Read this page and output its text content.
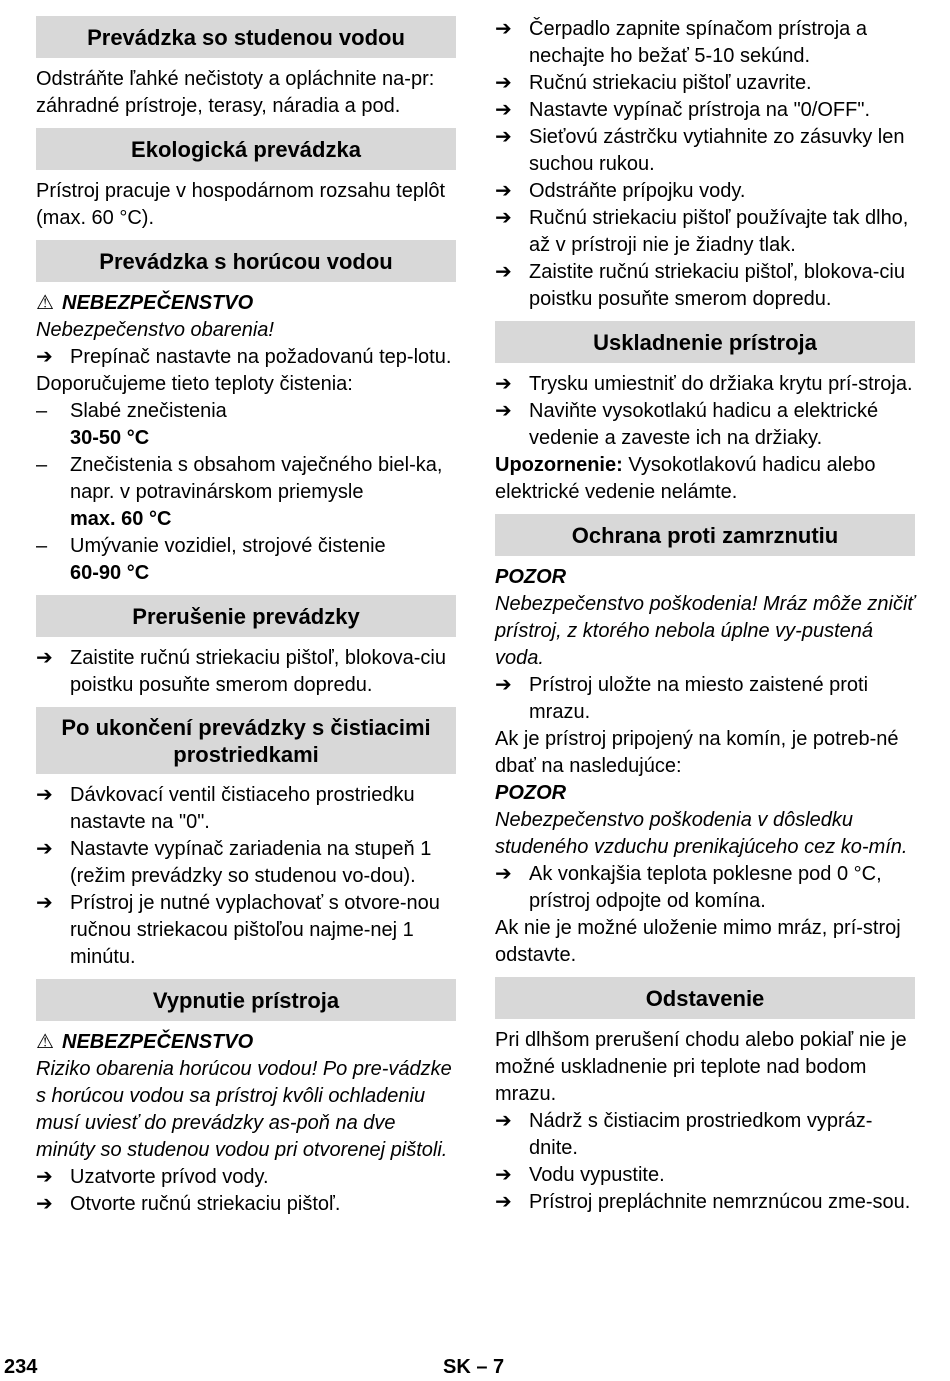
Prevádzka so studenou vodou
Odstráňte ľahké nečistoty a opláchnite na-pr: záhradné prístroje, terasy, náradia a pod.
Ekologická prevádzka
Prístroj pracuje v hospodárnom rozsahu teplôt (max. 60 °C).
Prevádzka s horúcou vodou
⚠ NEBEZPEČENSTVO
Nebezpečenstvo obarenia!
➔ Prepínač nastavte na požadovanú tep-lotu.
Doporučujeme tieto teploty čistenia:
– Slabé znečistenia
30-50 °C
– Znečistenia s obsahom vaječného biel-ka, napr. v potravinárskom priemysle
max. 60 °C
– Umývanie vozidiel, strojové čistenie
60-90 °C
Prerušenie prevádzky
➔ Zaistite ručnú striekaciu pištoľ, blokova-ciu poistku posuňte smerom dopredu.
Po ukončení prevádzky s čistiacimi prostriedkami
➔ Dávkovací ventil čistiaceho prostriedku nastavte na "0".
➔ Nastavte vypínač zariadenia na stupeň 1 (režim prevádzky so studenou vo-dou).
➔ Prístroj je nutné vyplachovať s otvore-nou ručnou striekacou pištoľou najme-nej 1 minútu.
Vypnutie prístroja
⚠ NEBEZPEČENSTVO
Riziko obarenia horúcou vodou! Po pre-vádzke s horúcou vodou sa prístroj kvôli ochladeniu musí uviesť do prevádzky as-poň na dve minúty so studenou vodou pri otvorenej pištoli.
➔ Uzatvorte prívod vody.
➔ Otvorte ručnú striekaciu pištoľ.
➔ Čerpadlo zapnite spínačom prístroja a nechajte ho bežať 5-10 sekúnd.
➔ Ručnú striekaciu pištoľ uzavrite.
➔ Nastavte vypínač prístroja na "0/OFF".
➔ Sieťovú zástrčku vytiahnite zo zásuvky len suchou rukou.
➔ Odstráňte prípojku vody.
➔ Ručnú striekaciu pištoľ používajte tak dlho, až v prístroji nie je žiadny tlak.
➔ Zaistite ručnú striekaciu pištoľ, blokova-ciu poistku posuňte smerom dopredu.
Uskladnenie prístroja
➔ Trysku umiestniť do držiaka krytu prí-stroja.
➔ Naviňte vysokotlakú hadicu a elektrické vedenie a zaveste ich na držiaky.
Upozornenie: Vysokotlakovú hadicu alebo elektrické vedenie nelámte.
Ochrana proti zamrznutiu
POZOR
Nebezpečenstvo poškodenia! Mráz môže zničiť prístroj, z ktorého nebola úplne vy-pustená voda.
➔ Prístroj uložte na miesto zaistené proti mrazu.
Ak je prístroj pripojený na komín, je potreb-né dbať na nasledujúce:
POZOR
Nebezpečenstvo poškodenia v dôsledku studeného vzduchu prenikajúceho cez ko-mín.
➔ Ak vonkajšia teplota poklesne pod 0 °C, prístroj odpojte od komína.
Ak nie je možné uloženie mimo mráz, prí-stroj odstavte.
Odstavenie
Pri dlhšom prerušení chodu alebo pokiaľ nie je možné uskladnenie pri teplote nad bodom mrazu.
➔ Nádrž s čistiacim prostriedkom vypráz-dnite.
➔ Vodu vypustite.
➔ Prístroj prepláchnite nemrznúcou zme-sou.
234	SK – 7
